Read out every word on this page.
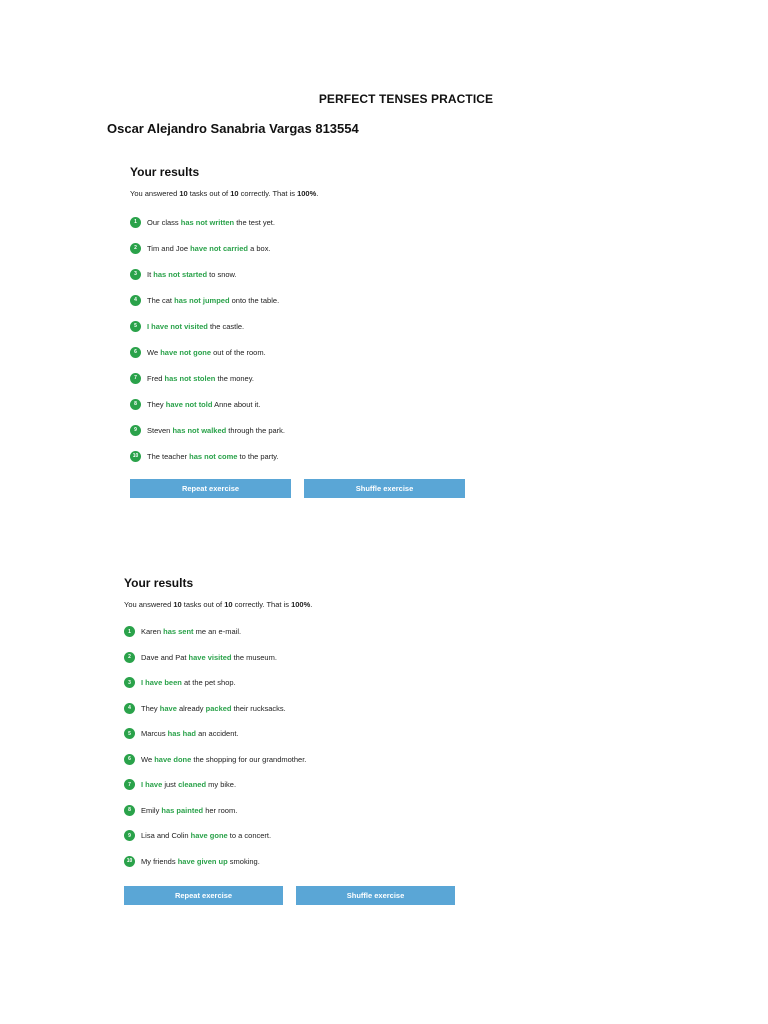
PERFECT TENSES PRACTICE
Oscar Alejandro Sanabria Vargas 813554
Your results
You answered 10 tasks out of 10 correctly. That is 100%.
1	Our class has not written the test yet.
2	Tim and Joe have not carried a box.
3	It has not started to snow.
4	The cat has not jumped onto the table.
5	I have not visited the castle.
6	We have not gone out of the room.
7	Fred has not stolen the money.
8	They have not told Anne about it.
9	Steven has not walked through the park.
10	The teacher has not come to the party.
Repeat exercise	Shuffle exercise
Your results
You answered 10 tasks out of 10 correctly. That is 100%.
1	Karen has sent me an e-mail.
2	Dave and Pat have visited the museum.
3	I have been at the pet shop.
4	They have already packed their rucksacks.
5	Marcus has had an accident.
6	We have done the shopping for our grandmother.
7	I have just cleaned my bike.
8	Emily has painted her room.
9	Lisa and Colin have gone to a concert.
10	My friends have given up smoking.
Repeat exercise	Shuffle exercise
